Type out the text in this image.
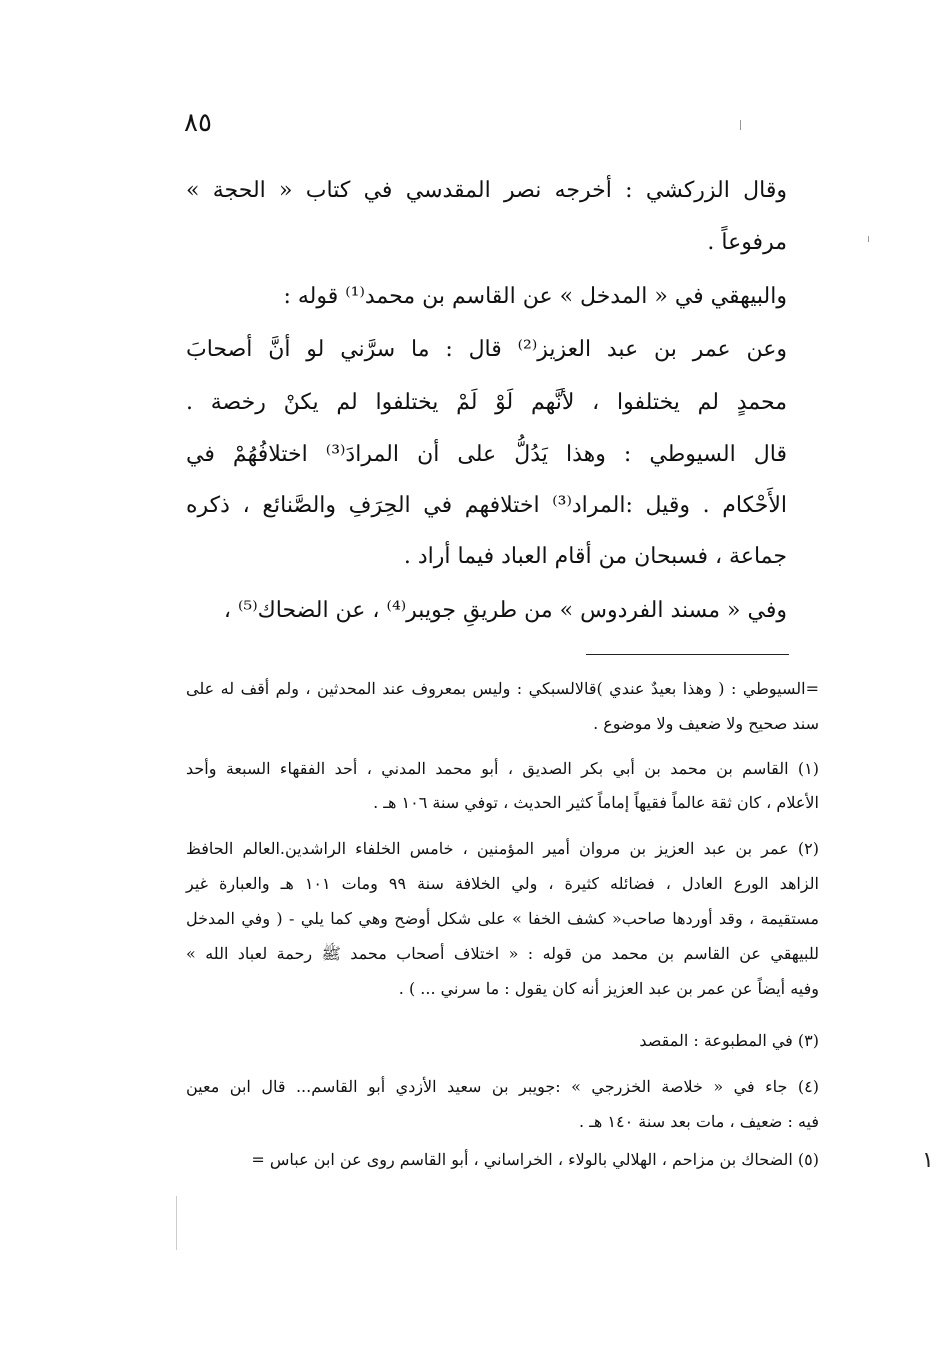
٨٥
وقال الزركشي : أخرجه نصر المقدسي في كتاب « الحجة »
مرفوعاً .
والبيهقي في « المدخل » عن القاسم بن محمد⁽¹⁾ قوله :
وعن عمر بن عبد العزيز⁽²⁾ قال : ما سرَّني لو أنَّ أصحابَ
محمدٍ لم يختلفوا ، لأنَّهم لَوْ لَمْ يختلفوا لم يكنْ رخصة .
قال السيوطي : وهذا يَدُلُّ على أن المرادَ⁽³⁾ اختلافُهُمْ في
الأَحْكام . وقيل :المراد⁽³⁾ اختلافهم في الحِرَفِ والصَّنائع ، ذكره
جماعة ، فسبحان من أقام العباد فيما أراد .
وفي « مسند الفردوس » من طريقِ جويبر⁽⁴⁾ ، عن الضحاك⁽⁵⁾ ،
=السيوطي : ( وهذا بعيدٌ عندي )قالالسبكي : وليس بمعروف عند المحدثين ، ولم أقف له على
سند صحيح ولا ضعيف ولا موضوع .
(١) القاسم بن محمد بن أبي بكر الصديق ، أبو محمد المدني ، أحد الفقهاء السبعة وأحد
الأعلام ، كان ثقة عالماً فقيهاً إماماً كثير الحديث ، توفي سنة ١٠٦ هـ .
(٢) عمر بن عبد العزيز بن مروان أمير المؤمنين ، خامس الخلفاء الراشدين.العالم الحافظ
الزاهد الورع العادل ، فضائله كثيرة ، ولي الخلافة سنة ٩٩ ومات ١٠١ هـ والعبارة غير
مستقيمة ، وقد أوردها صاحب« كشف الخفا » على شكل أوضح وهي كما يلي - ( وفي المدخل
للبيهقي عن القاسم بن محمد من قوله : « اختلاف أصحاب محمد ﷺ رحمة لعباد الله »
وفيه أيضاً عن عمر بن عبد العزيز أنه كان يقول : ما سرني ... ) .
(٣) في المطبوعة : المقصد
(٤) جاء في « خلاصة الخزرجي » :جويبر بن سعيد الأزدي أبو القاسم... قال ابن معين
فيه : ضعيف ، مات بعد سنة ١٤٠ هـ .
(٥) الضحاك بن مزاحم ، الهلالي بالولاء ، الخراساني ، أبو القاسم روى عن ابن عباس =	١
